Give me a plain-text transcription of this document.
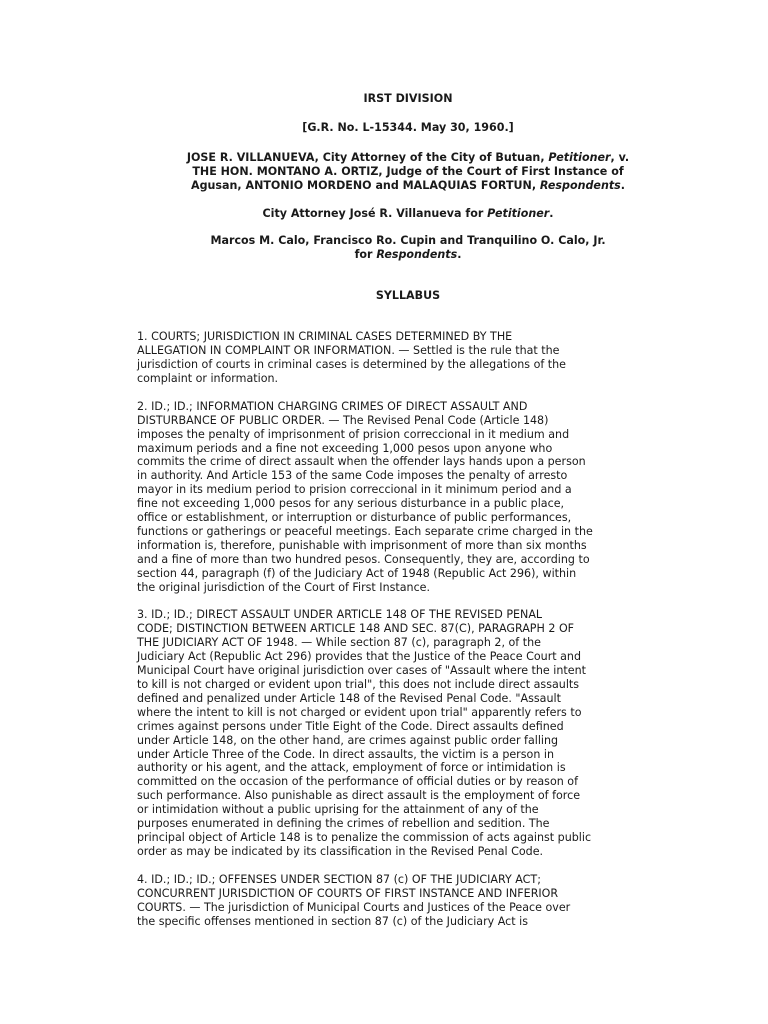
IRST DIVISION

[G.R. No. L-15344. May 30, 1960.]

JOSE R. VILLANUEVA, City Attorney of the City of Butuan, Petitioner, v.
THE HON. MONTANO A. ORTIZ, Judge of the Court of First Instance of
Agusan, ANTONIO MORDENO and MALAQUIAS FORTUN, Respondents.
City Attorney José R. Villanueva for Petitioner.
Marcos M. Calo, Francisco Ro. Cupin and Tranquilino O. Calo, Jr.
for Respondents.

SYLLABUS

1. COURTS; JURISDICTION IN CRIMINAL CASES DETERMINED BY THE
ALLEGATION IN COMPLAINT OR INFORMATION. — Settled is the rule that the
jurisdiction of courts in criminal cases is determined by the allegations of the
complaint or information.
2. ID.; ID.; INFORMATION CHARGING CRIMES OF DIRECT ASSAULT AND
DISTURBANCE OF PUBLIC ORDER. — The Revised Penal Code (Article 148)
imposes the penalty of imprisonment of prision correccional in it medium and
maximum periods and a fine not exceeding 1,000 pesos upon anyone who
commits the crime of direct assault when the offender lays hands upon a person
in authority. And Article 153 of the same Code imposes the penalty of arresto
mayor in its medium period to prision correccional in it minimum period and a
fine not exceeding 1,000 pesos for any serious disturbance in a public place,
office or establishment, or interruption or disturbance of public performances,
functions or gatherings or peaceful meetings. Each separate crime charged in the
information is, therefore, punishable with imprisonment of more than six months
and a fine of more than two hundred pesos. Consequently, they are, according to
section 44, paragraph (f) of the Judiciary Act of 1948 (Republic Act 296), within
the original jurisdiction of the Court of First Instance.
3. ID.; ID.; DIRECT ASSAULT UNDER ARTICLE 148 OF THE REVISED PENAL
CODE; DISTINCTION BETWEEN ARTICLE 148 AND SEC. 87(C), PARAGRAPH 2 OF
THE JUDICIARY ACT OF 1948. — While section 87 (c), paragraph 2, of the
Judiciary Act (Republic Act 296) provides that the Justice of the Peace Court and
Municipal Court have original jurisdiction over cases of "Assault where the intent
to kill is not charged or evident upon trial", this does not include direct assaults
defined and penalized under Article 148 of the Revised Penal Code. "Assault
where the intent to kill is not charged or evident upon trial" apparently refers to
crimes against persons under Title Eight of the Code. Direct assaults defined
under Article 148, on the other hand, are crimes against public order falling
under Article Three of the Code. In direct assaults, the victim is a person in
authority or his agent, and the attack, employment of force or intimidation is
committed on the occasion of the performance of official duties or by reason of
such performance. Also punishable as direct assault is the employment of force
or intimidation without a public uprising for the attainment of any of the
purposes enumerated in defining the crimes of rebellion and sedition. The
principal object of Article 148 is to penalize the commission of acts against public
order as may be indicated by its classification in the Revised Penal Code.
4. ID.; ID.; ID.; OFFENSES UNDER SECTION 87 (c) OF THE JUDICIARY ACT;
CONCURRENT JURISDICTION OF COURTS OF FIRST INSTANCE AND INFERIOR
COURTS. — The jurisdiction of Municipal Courts and Justices of the Peace over
the specific offenses mentioned in section 87 (c) of the Judiciary Act is
